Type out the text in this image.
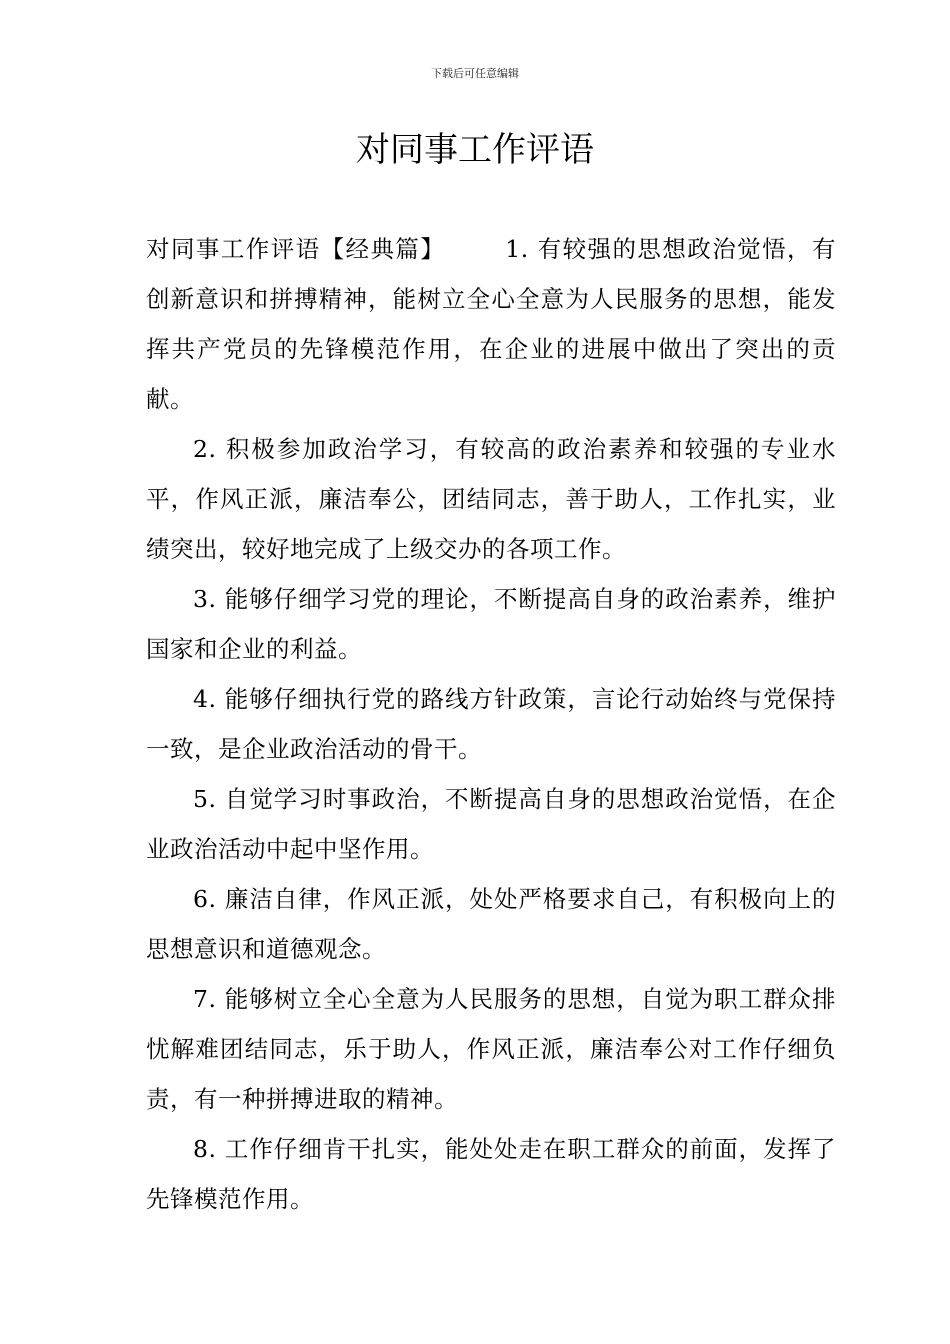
下载后可任意编辑
对同事工作评语

对同事工作评语【经典篇】	1. 有较强的思想政治觉悟，有创新意识和拼搏精神，能树立全心全意为人民服务的思想，能发挥共产党员的先锋模范作用，在企业的进展中做出了突出的贡献。

2. 积极参加政治学习，有较高的政治素养和较强的专业水平，作风正派，廉洁奉公，团结同志，善于助人，工作扎实，业绩突出，较好地完成了上级交办的各项工作。

3. 能够仔细学习党的理论，不断提高自身的政治素养，维护国家和企业的利益。

4. 能够仔细执行党的路线方针政策，言论行动始终与党保持一致，是企业政治活动的骨干。

5. 自觉学习时事政治，不断提高自身的思想政治觉悟，在企业政治活动中起中坚作用。

6. 廉洁自律，作风正派，处处严格要求自己，有积极向上的思想意识和道德观念。

7. 能够树立全心全意为人民服务的思想，自觉为职工群众排忧解难团结同志，乐于助人，作风正派，廉洁奉公对工作仔细负责，有一种拼搏进取的精神。

8. 工作仔细肯干扎实，能处处走在职工群众的前面，发挥了先锋模范作用。
